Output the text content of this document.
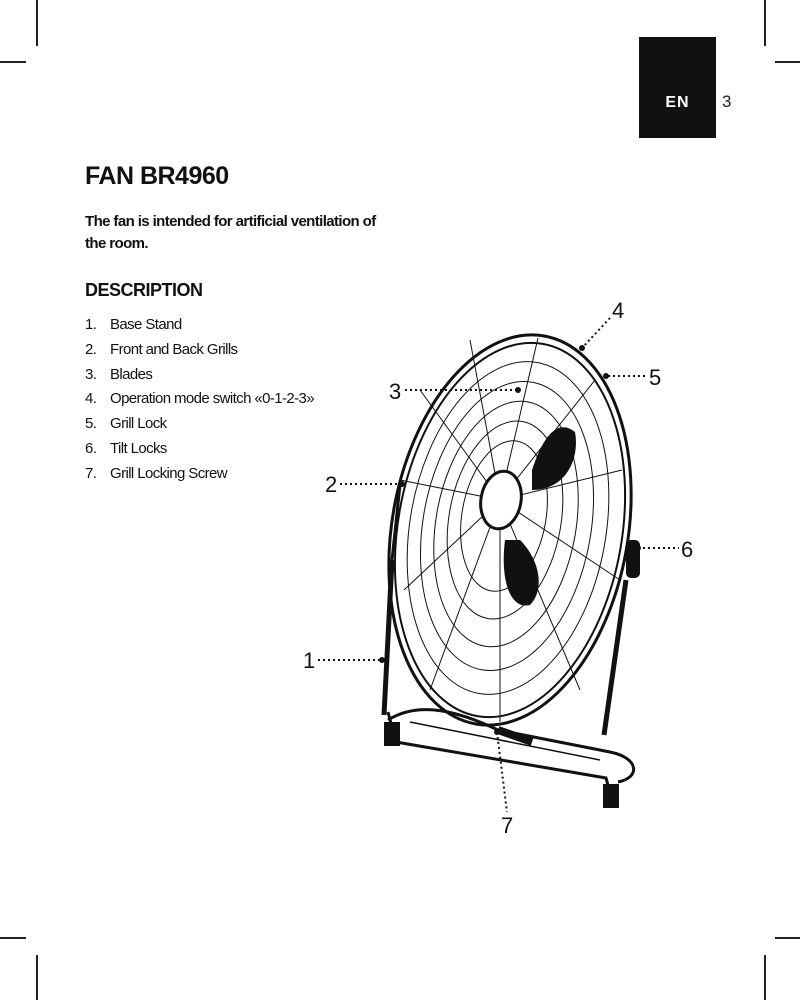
EN	3
FAN BR4960

The fan is intended for artificial ventilation of the room.

DESCRIPTION
1. Base Stand
2. Front and Back Grills
3. Blades
4. Operation mode switch «0-1-2-3»
5. Grill Lock
6. Tilt Locks
7. Grill Locking Screw
1
2
3
4
5
6
7
